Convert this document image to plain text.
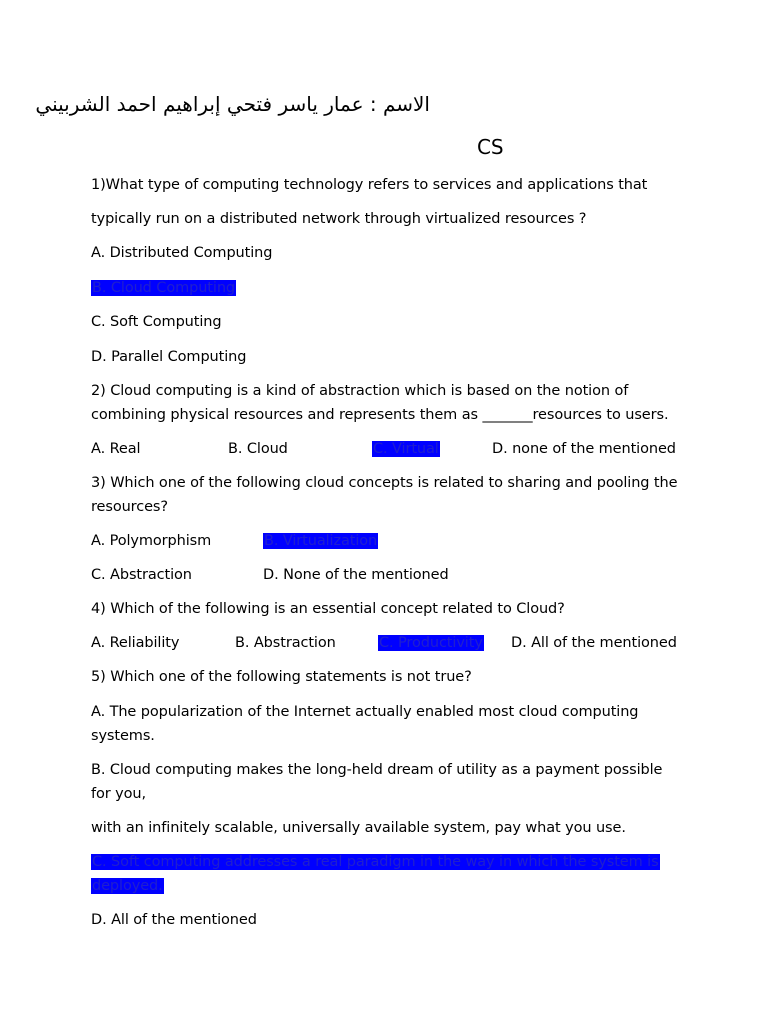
الاسم : عمار ياسر فتحي إبراهيم احمد الشربيني
CS
1)What type of computing technology refers to services and applications that
typically run on a distributed network through virtualized resources ?
A. Distributed Computing
B. Cloud Computing
C. Soft Computing
D. Parallel Computing
2) Cloud computing is a kind of abstraction which is based on the notion of
combining physical resources and represents them as _______resources to users.
A. Real	B. Cloud	C. Virtual	D. none of the mentioned
3) Which one of the following cloud concepts is related to sharing and pooling the
resources?
A. Polymorphism	B. Virtualization
C. Abstraction	D. None of the mentioned
4) Which of the following is an essential concept related to Cloud?
A. Reliability	B. Abstraction	C. Productivity D. All of the mentioned
5) Which one of the following statements is not true?
A. The popularization of the Internet actually enabled most cloud computing
systems.
B. Cloud computing makes the long-held dream of utility as a payment possible
for you,
with an infinitely scalable, universally available system, pay what you use.
C. Soft computing addresses a real paradigm in the way in which the system is
deployed.
D. All of the mentioned
